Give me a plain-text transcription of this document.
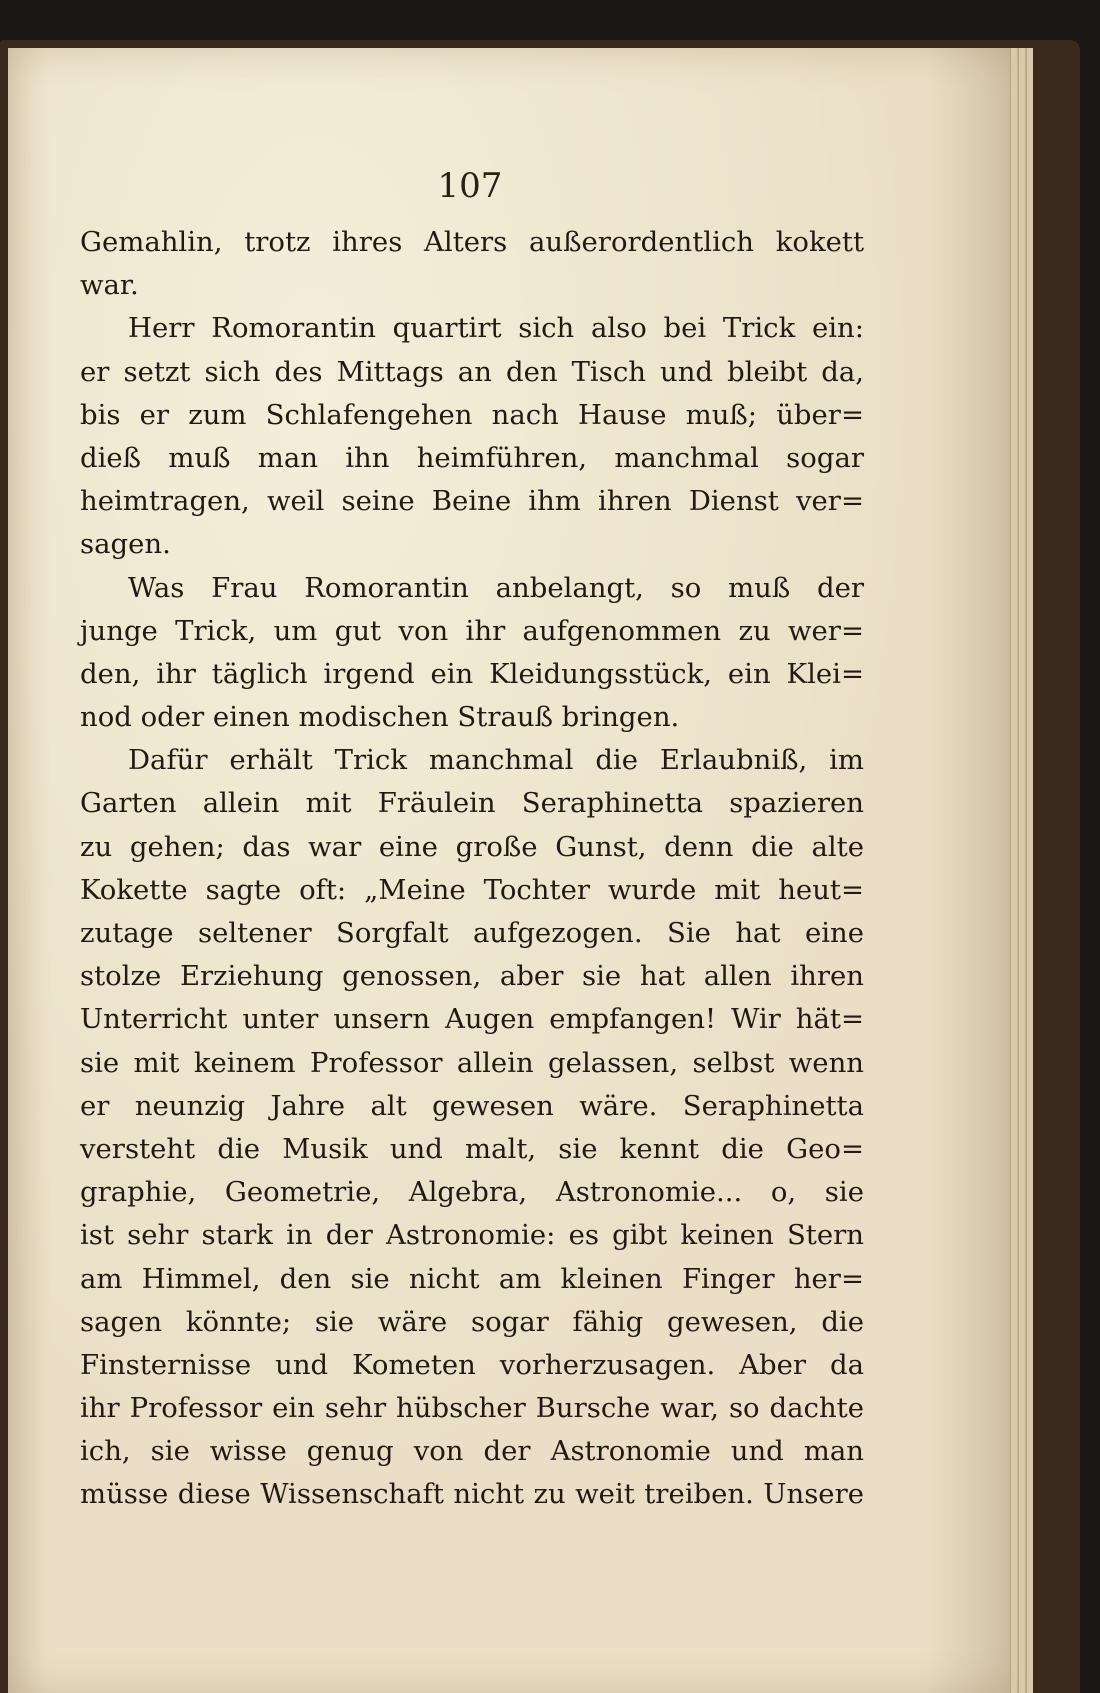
107
Gemahlin, trotz ihres Alters außerordentlich kokett
war.
Herr Romorantin quartirt sich also bei Trick ein:
er setzt sich des Mittags an den Tisch und bleibt da,
bis er zum Schlafengehen nach Hause muß; über=
dieß muß man ihn heimführen, manchmal sogar
heimtragen, weil seine Beine ihm ihren Dienst ver=
sagen.
Was Frau Romorantin anbelangt, so muß der
junge Trick, um gut von ihr aufgenommen zu wer=
den, ihr täglich irgend ein Kleidungsstück, ein Klei=
nod oder einen modischen Strauß bringen.
Dafür erhält Trick manchmal die Erlaubniß, im
Garten allein mit Fräulein Seraphinetta spazieren
zu gehen; das war eine große Gunst, denn die alte
Kokette sagte oft: „Meine Tochter wurde mit heut=
zutage seltener Sorgfalt aufgezogen. Sie hat eine
stolze Erziehung genossen, aber sie hat allen ihren
Unterricht unter unsern Augen empfangen! Wir hät=
sie mit keinem Professor allein gelassen, selbst wenn
er neunzig Jahre alt gewesen wäre. Seraphinetta
versteht die Musik und malt, sie kennt die Geo=
graphie, Geometrie, Algebra, Astronomie... o, sie
ist sehr stark in der Astronomie: es gibt keinen Stern
am Himmel, den sie nicht am kleinen Finger her=
sagen könnte; sie wäre sogar fähig gewesen, die
Finsternisse und Kometen vorherzusagen. Aber da
ihr Professor ein sehr hübscher Bursche war, so dachte
ich, sie wisse genug von der Astronomie und man
müsse diese Wissenschaft nicht zu weit treiben. Unsere
